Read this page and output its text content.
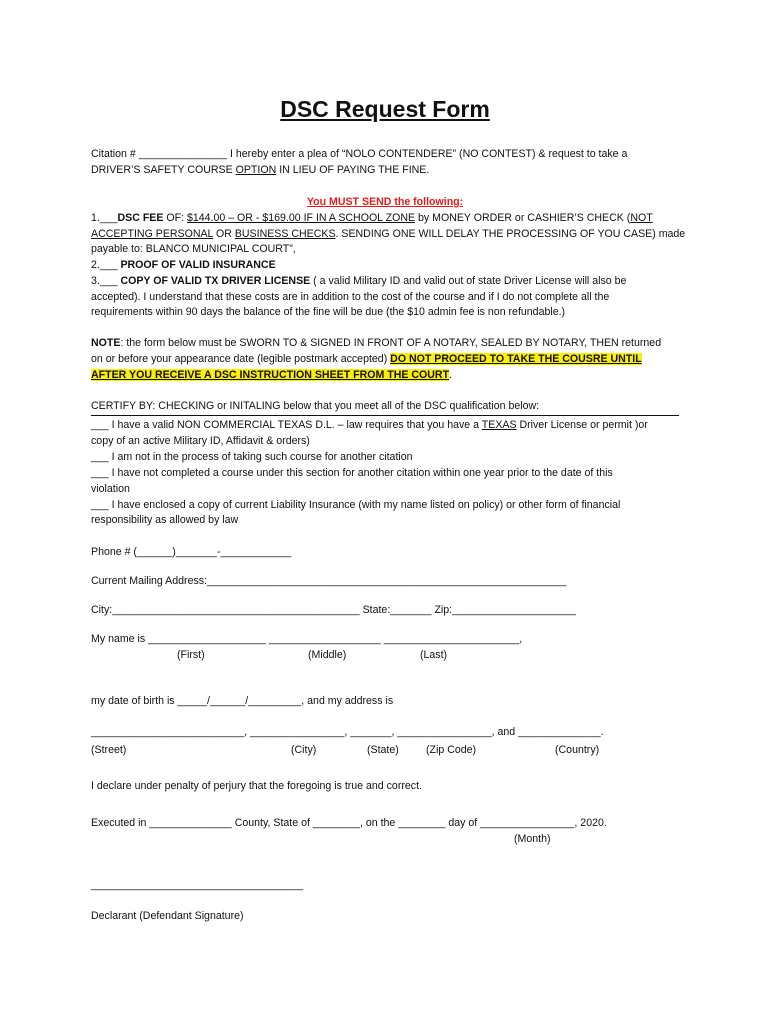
DSC Request Form
Citation # _______________ I hereby enter a plea of “NOLO CONTENDERE” (NO CONTEST) & request to take a
DRIVER’S SAFETY COURSE OPTION IN LIEU OF PAYING THE FINE.
You MUST SEND the following:
1.___DSC FEE OF: $144.00 – OR - $169.00 IF IN A SCHOOL ZONE by MONEY ORDER or CASHIER’S CHECK (NOT
ACCEPTING PERSONAL OR BUSINESS CHECKS. SENDING ONE WILL DELAY THE PROCESSING OF YOU CASE) made
payable to: BLANCO MUNICIPAL COURT”,
2.___ PROOF OF VALID INSURANCE
3.___ COPY OF VALID TX DRIVER LICENSE ( a valid Military ID and valid out of state Driver License will also be
accepted). I understand that these costs are in addition to the cost of the course and if I do not complete all the
requirements within 90 days the balance of the fine will be due (the $10 admin fee is non refundable.)
NOTE: the form below must be SWORN TO & SIGNED IN FRONT OF A NOTARY, SEALED BY NOTARY, THEN returned
on or before your appearance date (legible postmark accepted) DO NOT PROCEED TO TAKE THE COUSRE UNTIL
AFTER YOU RECEIVE A DSC INSTRUCTION SHEET FROM THE COURT.
CERTIFY BY: CHECKING or INITALING below that you meet all of the DSC qualification below:
___ I have a valid NON COMMERCIAL TEXAS D.L. – law requires that you have a TEXAS Driver License or permit )or
copy of an active Military ID, Affidavit & orders)
___ I am not in the process of taking such course for another citation
___ I have not completed a course under this section for another citation within one year prior to the date of this
violation
___ I have enclosed a copy of current Liability Insurance (with my name listed on policy) or other form of financial
responsibility as allowed by law
Phone # (______)_______-____________
Current Mailing Address:_____________________________________________________________
City:__________________________________________ State:_______ Zip:_____________________
My name is ____________________ ___________________ _______________________,
(First)	(Middle)	(Last)
my date of birth is _____/______/_________, and my address is
__________________________, ________________, _______, ________________, and ______________.
(Street)	(City)	(State)	(Zip Code)	(Country)
I declare under penalty of perjury that the foregoing is true and correct.
Executed in ______________ County, State of ________, on the ________ day of ________________, 2020.
(Month)
____________________________________
Declarant (Defendant Signature)
